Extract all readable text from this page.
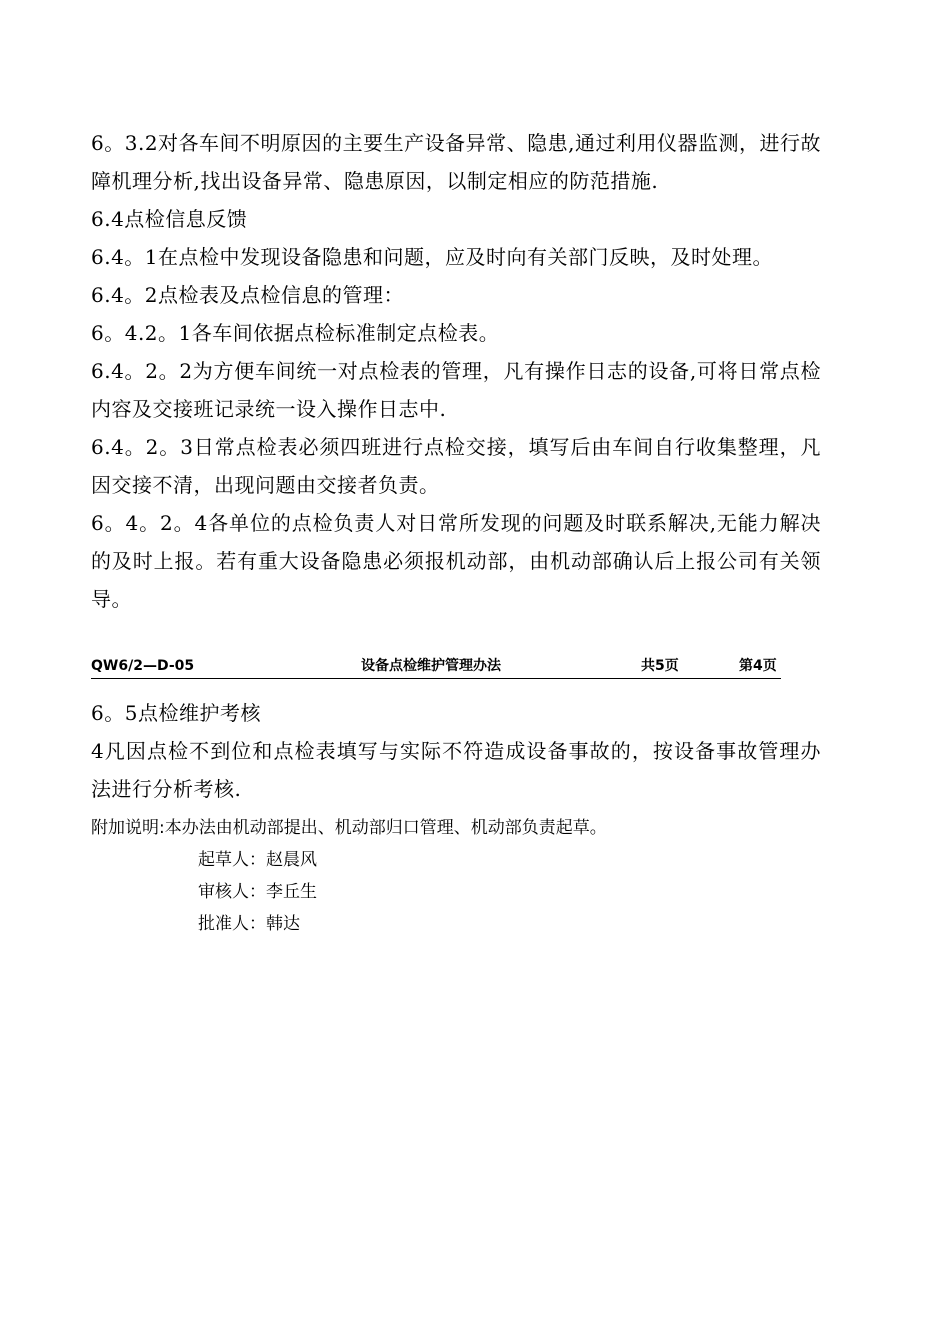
6。3.2对各车间不明原因的主要生产设备异常、隐患,通过利用仪器监测，进行故障机理分析,找出设备异常、隐患原因，以制定相应的防范措施.

6.4点检信息反馈

6.4。1在点检中发现设备隐患和问题，应及时向有关部门反映，及时处理。

6.4。2点检表及点检信息的管理：

6。4.2。1各车间依据点检标准制定点检表。

6.4。2。2为方便车间统一对点检表的管理，凡有操作日志的设备,可将日常点检内容及交接班记录统一设入操作日志中.

6.4。2。3日常点检表必须四班进行点检交接，填写后由车间自行收集整理，凡因交接不清，出现问题由交接者负责。

6。4。2。4各单位的点检负责人对日常所发现的问题及时联系解决,无能力解决的及时上报。若有重大设备隐患必须报机动部，由机动部确认后上报公司有关领导。

QW6/2—D-05	设备点检维护管理办法	共5页	第4页

6。5点检维护考核

4凡因点检不到位和点检表填写与实际不符造成设备事故的，按设备事故管理办法进行分析考核.

附加说明:本办法由机动部提出、机动部归口管理、机动部负责起草。

起草人：赵晨风

审核人：李丘生

批准人：韩达
